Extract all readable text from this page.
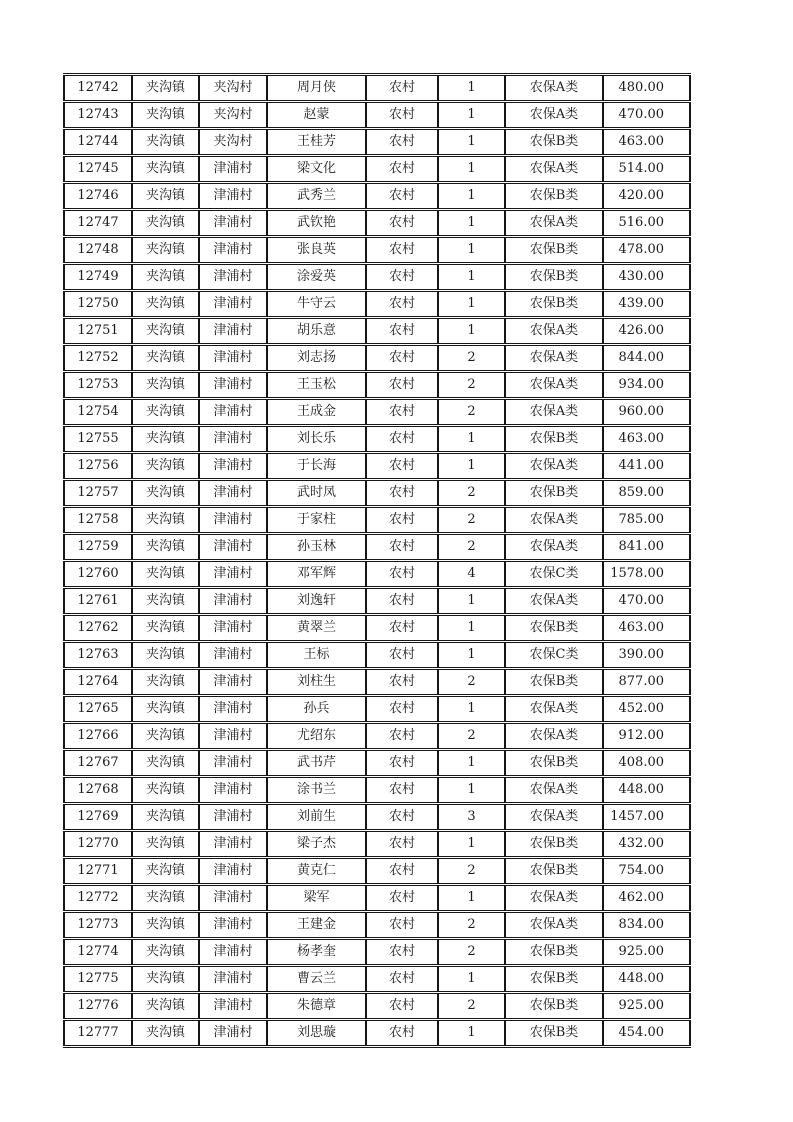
12742	夹沟镇	夹沟村	周月侠	农村	1	农保A类	480.00
12743	夹沟镇	夹沟村	赵蒙	农村	1	农保A类	470.00
12744	夹沟镇	夹沟村	王桂芳	农村	1	农保B类	463.00
12745	夹沟镇	津浦村	梁文化	农村	1	农保A类	514.00
12746	夹沟镇	津浦村	武秀兰	农村	1	农保B类	420.00
12747	夹沟镇	津浦村	武钦艳	农村	1	农保A类	516.00
12748	夹沟镇	津浦村	张良英	农村	1	农保B类	478.00
12749	夹沟镇	津浦村	涂爱英	农村	1	农保B类	430.00
12750	夹沟镇	津浦村	牛守云	农村	1	农保B类	439.00
12751	夹沟镇	津浦村	胡乐意	农村	1	农保A类	426.00
12752	夹沟镇	津浦村	刘志扬	农村	2	农保A类	844.00
12753	夹沟镇	津浦村	王玉松	农村	2	农保A类	934.00
12754	夹沟镇	津浦村	王成金	农村	2	农保A类	960.00
12755	夹沟镇	津浦村	刘长乐	农村	1	农保B类	463.00
12756	夹沟镇	津浦村	于长海	农村	1	农保A类	441.00
12757	夹沟镇	津浦村	武时凤	农村	2	农保B类	859.00
12758	夹沟镇	津浦村	于家柱	农村	2	农保A类	785.00
12759	夹沟镇	津浦村	孙玉林	农村	2	农保A类	841.00
12760	夹沟镇	津浦村	邓军辉	农村	4	农保C类	1578.00
12761	夹沟镇	津浦村	刘逸轩	农村	1	农保A类	470.00
12762	夹沟镇	津浦村	黄翠兰	农村	1	农保B类	463.00
12763	夹沟镇	津浦村	王标	农村	1	农保C类	390.00
12764	夹沟镇	津浦村	刘柱生	农村	2	农保B类	877.00
12765	夹沟镇	津浦村	孙兵	农村	1	农保A类	452.00
12766	夹沟镇	津浦村	尤绍东	农村	2	农保A类	912.00
12767	夹沟镇	津浦村	武书芹	农村	1	农保B类	408.00
12768	夹沟镇	津浦村	涂书兰	农村	1	农保A类	448.00
12769	夹沟镇	津浦村	刘前生	农村	3	农保A类	1457.00
12770	夹沟镇	津浦村	梁子杰	农村	1	农保B类	432.00
12771	夹沟镇	津浦村	黄克仁	农村	2	农保B类	754.00
12772	夹沟镇	津浦村	梁军	农村	1	农保A类	462.00
12773	夹沟镇	津浦村	王建金	农村	2	农保A类	834.00
12774	夹沟镇	津浦村	杨孝奎	农村	2	农保B类	925.00
12775	夹沟镇	津浦村	曹云兰	农村	1	农保B类	448.00
12776	夹沟镇	津浦村	朱德章	农村	2	农保B类	925.00
12777	夹沟镇	津浦村	刘思璇	农村	1	农保B类	454.00
